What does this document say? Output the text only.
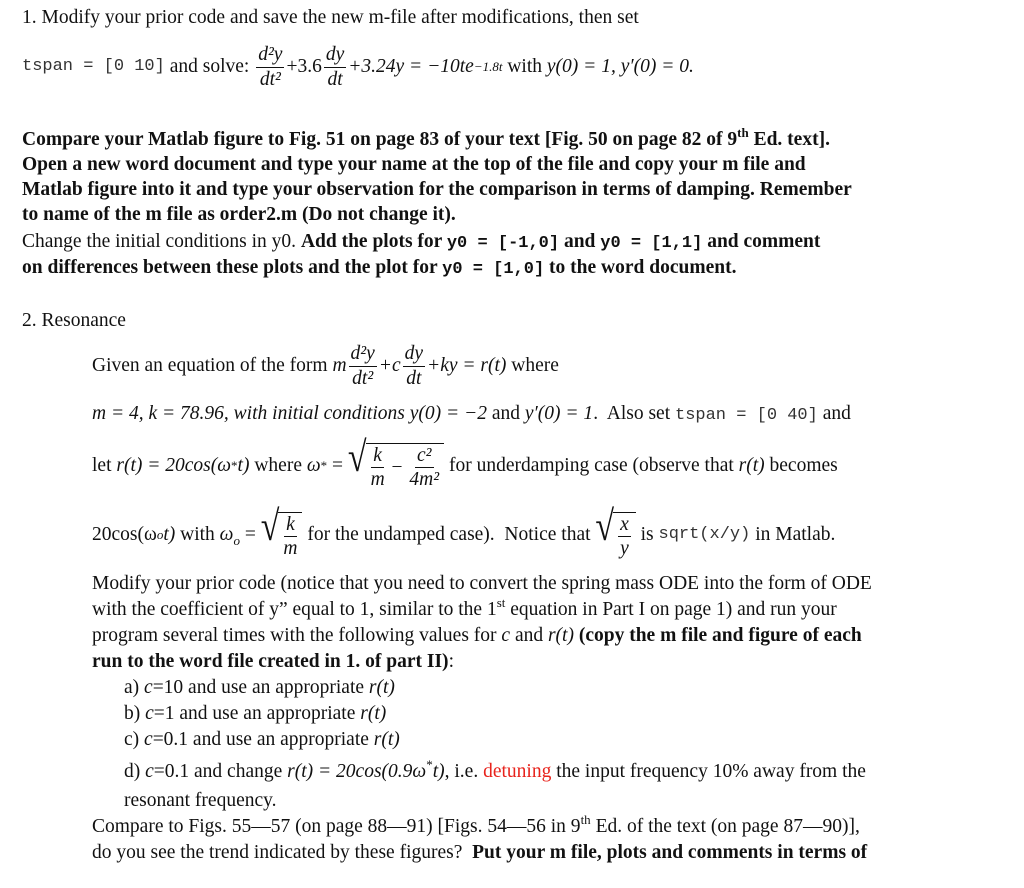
1. Modify your prior code and save the new m-file after modifications, then set
tspan = [0 10] and solve: $\frac{\text{d²y}}{\text{dt²}} +3.6 \frac{dy}{dt} +3.24y = -10te -1.8t$ with y(0) = 1, y′(0) = 0.
Compare your Matlab figure to Fig. 51 on page 83 of your text [Fig. 50 on page 82 of 9th Ed. text].
Open a new word document and type your name at the top of the file and copy your m file and
Matlab figure into it and type your observation for the comparison in terms of damping. Remember
to name of the m file as order2.m (Do not change it).
Change the initial conditions in y0. Add the plots for y0 = [-1,0] and y0 = [1,1] and comment
on differences between these plots and the plot for y0 = [1,0] to the word document.
2. Resonance
Given an equation of the form m $\frac{\text{d²y}}{\text{dt²}} +c \frac{dy}{dt} +ky = r(t)$ where
m = 4, k = 78.96, with initial conditions y(0) = −2 and y′(0) = 1.  Also set tspan = [0 40] and
let r(t) = 20cos(ω * t) where ω * = √ $\frac{k}{m} - \frac{\text{c²}}{\text{4m²}}$ for underdamping case (observe that r(t) becomes
20cos(ω o t) with ω o = √ $\frac{k}{m}$ for the undamped case).  Notice that √ $\frac{x}{y}$ is sqrt(x/y) in Matlab.
Modify your prior code (notice that you need to convert the spring mass ODE into the form of ODE
with the coefficient of y” equal to 1, similar to the 1st equation in Part I on page 1) and run your
program several times with the following values for c and r(t) (copy the m file and figure of each
run to the word file created in 1. of part II):
a) c=10 and use an appropriate r(t)
b) c=1 and use an appropriate r(t)
c) c=0.1 and use an appropriate r(t)
d) c=0.1 and change r(t) = 20cos(0.9ω*t), i.e. detuning the input frequency 10% away from the
resonant frequency.
Compare to Figs. 55—57 (on page 88—91) [Figs. 54—56 in 9th Ed. of the text (on page 87—90)],
do you see the trend indicated by these figures?  Put your m file, plots and comments in terms of
